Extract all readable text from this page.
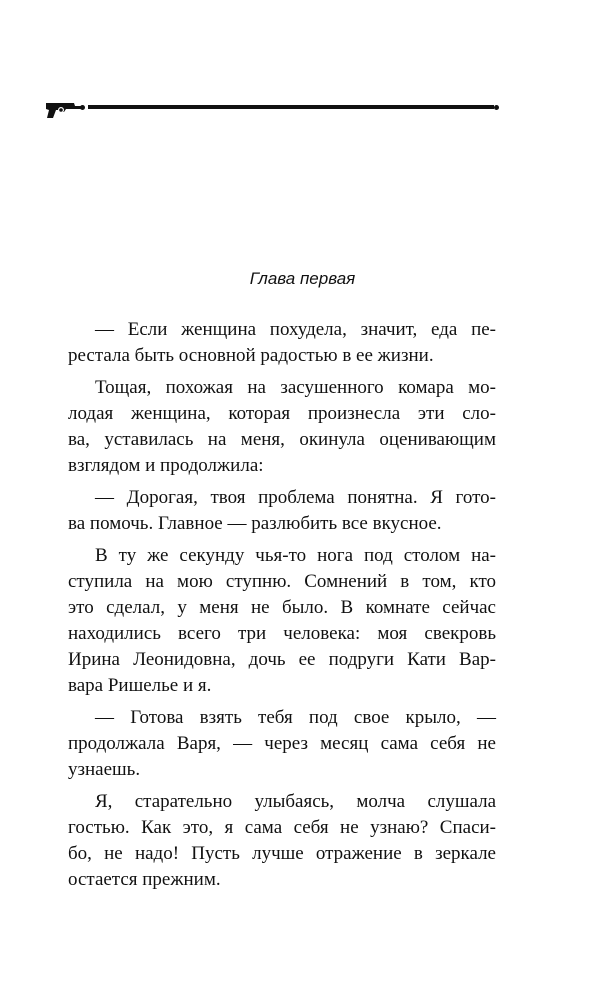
Глава первая
— Если женщина похудела, значит, еда пе-
рестала быть основной радостью в ее жизни.
Тощая, похожая на засушенного комара мо-
лодая женщина, которая произнесла эти сло-
ва, уставилась на меня, окинула оценивающим
взглядом и продолжила:
— Дорогая, твоя проблема понятна. Я гото-
ва помочь. Главное — разлюбить все вкусное.
В ту же секунду чья-то нога под столом на-
ступила на мою ступню. Сомнений в том, кто
это сделал, у меня не было. В комнате сейчас
находились всего три человека: моя свекровь
Ирина Леонидовна, дочь ее подруги Кати Вар-
вара Ришелье и я.
— Готова взять тебя под свое крыло, —
продолжала Варя, — через месяц сама себя не
узнаешь.
Я, старательно улыбаясь, молча слушала
гостью. Как это, я сама себя не узнаю? Спаси-
бо, не надо! Пусть лучше отражение в зеркале
остается прежним.
